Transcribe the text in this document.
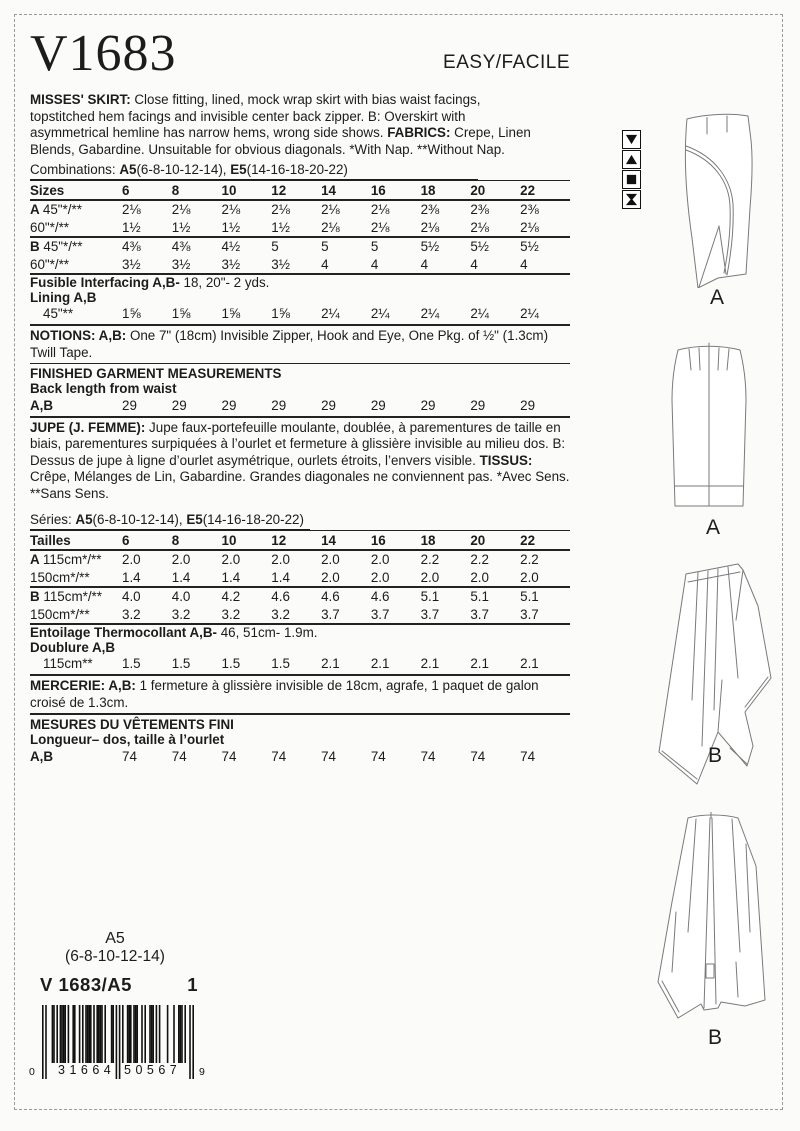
V1683	EASY/FACILE

MISSES' SKIRT: Close fitting, lined, mock wrap skirt with bias waist facings, topstitched hem facings and invisible center back zipper. B: Overskirt with asymmetrical hemline has narrow hems, wrong side shows. FABRICS: Crepe, Linen Blends, Gabardine. Unsuitable for obvious diagonals. *With Nap. **Without Nap.

Combinations: A5(6-8-10-12-14), E5(14-16-18-20-22)
Sizes	6	8	10	12	14	16	18	20	22
A 45"*/**	2⅛	2⅛	2⅛	2⅛	2⅛	2⅛	2⅜	2⅜	2⅜
60"*/**	1½	1½	1½	1½	2⅛	2⅛	2⅛	2⅛	2⅛
B 45"*/**	4⅜	4⅜	4½	5	5	5	5½	5½	5½
60"*/**	3½	3½	3½	3½	4	4	4	4	4
Fusible Interfacing A,B- 18, 20"- 2 yds.
Lining A,B
45"**	1⅝	1⅝	1⅝	1⅝	2¼	2¼	2¼	2¼	2¼

NOTIONS: A,B: One 7" (18cm) Invisible Zipper, Hook and Eye, One Pkg. of ½" (1.3cm) Twill Tape.

FINISHED GARMENT MEASUREMENTS
Back length from waist
A,B	29	29	29	29	29	29	29	29	29

JUPE (J. FEMME): Jupe faux-portefeuille moulante, doublée, à parementures de taille en biais, parementures surpiquées à l’ourlet et fermeture à glissière invisible au milieu dos. B: Dessus de jupe à ligne d’ourlet asymétrique, ourlets étroits, l’envers visible. TISSUS: Crêpe, Mélanges de Lin, Gabardine. Grandes diagonales ne conviennent pas. *Avec Sens. **Sans Sens.

Séries: A5(6-8-10-12-14), E5(14-16-18-20-22)
Tailles	6	8	10	12	14	16	18	20	22
A 115cm*/**	2.0	2.0	2.0	2.0	2.0	2.0	2.2	2.2	2.2
150cm*/**	1.4	1.4	1.4	1.4	2.0	2.0	2.0	2.0	2.0
B 115cm*/**	4.0	4.0	4.2	4.6	4.6	4.6	5.1	5.1	5.1
150cm*/**	3.2	3.2	3.2	3.2	3.7	3.7	3.7	3.7	3.7
Entoilage Thermocollant A,B- 46, 51cm- 1.9m.
Doublure A,B
115cm**	1.5	1.5	1.5	1.5	2.1	2.1	2.1	2.1	2.1

MERCERIE: A,B: 1 fermeture à glissière invisible de 18cm, agrafe, 1 paquet de galon croisé de 1.3cm.

MESURES DU VÊTEMENTS FINI
Longueur– dos, taille à l’ourlet
A,B	74	74	74	74	74	74	74	74	74
A
A
B
B
A5
(6-8-10-12-14)
V 1683/A5	1
0 31664 50567 9
